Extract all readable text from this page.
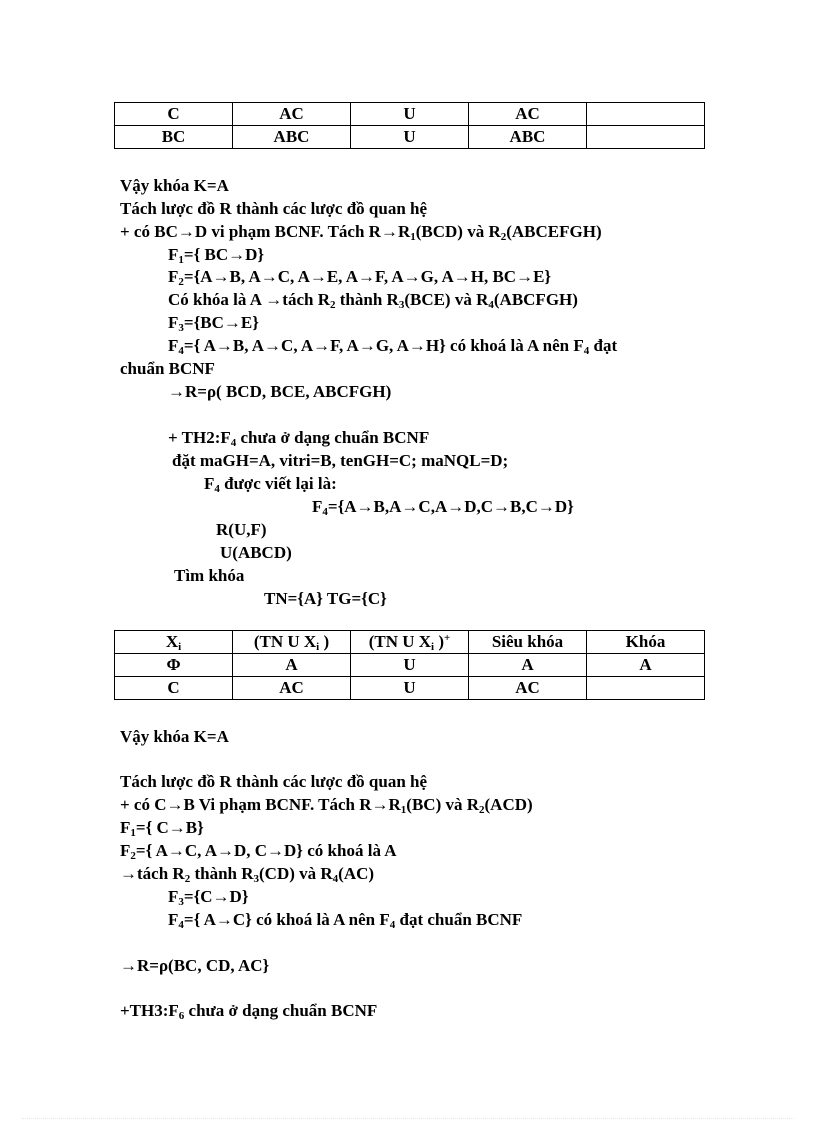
C	AC	U	AC	
BC	ABC	U	ABC	
Vậy khóa K=A
Tách lược đồ R thành các lược đồ quan hệ
+ có BC→D vi phạm BCNF. Tách $R\to R_1(BCD)$ và $R_2(ABCEFGH)$
$F_1=${ BC→D}
$F_2=\{A\to B$, A→C, A→E, A→F, A→G, A→H, BC→E}
Có khóa là A →tách $R_2$ thành $R_3(BCE)$ và $R_4(ABCFGH)$
$F_3=\{BC\to E\}$
$F_4=${ A→B, A→C, A→F, A→G, A→H} có khoá là A nên $F_4$ đạt
chuẩn BCNF
→R=ρ( BCD, BCE, ABCFGH)
+ $TH2:F_4$ chưa ở dạng chuẩn BCNF
đặt maGH=A, vitri=B, tenGH=C; maNQL=D;
$F_4$ được viết lại là:
$F_4=\{A\to B,A\to C,A\to D,C\to B,C\to D\}$
R(U,F)
U(ABCD)
Tìm khóa
TN={A} TG={C}
$X_i$	(TN U $X_i$ )	(TN U $X_i$ )+	Siêu khóa	Khóa
Φ	A	U	A	A
C	AC	U	AC	
Vậy khóa K=A
Tách lược đồ R thành các lược đồ quan hệ
+ có C→B Vi phạm BCNF. Tách $R\to R_1(BC)$ và $R_2(ACD)$
$F_1=${ C→B}
$F_2=${ A→C, A→D, C→D} có khoá là A
→tách $R_2$ thành $R_3(CD)$ và $R_4(AC)$
$F_3=\{C\to D\}$
$F_4=${ A→C} có khoá là A nên $F_4$ đạt chuẩn BCNF
→R=ρ(BC, CD, AC}
$+TH3:F_6$ chưa ở dạng chuẩn BCNF
